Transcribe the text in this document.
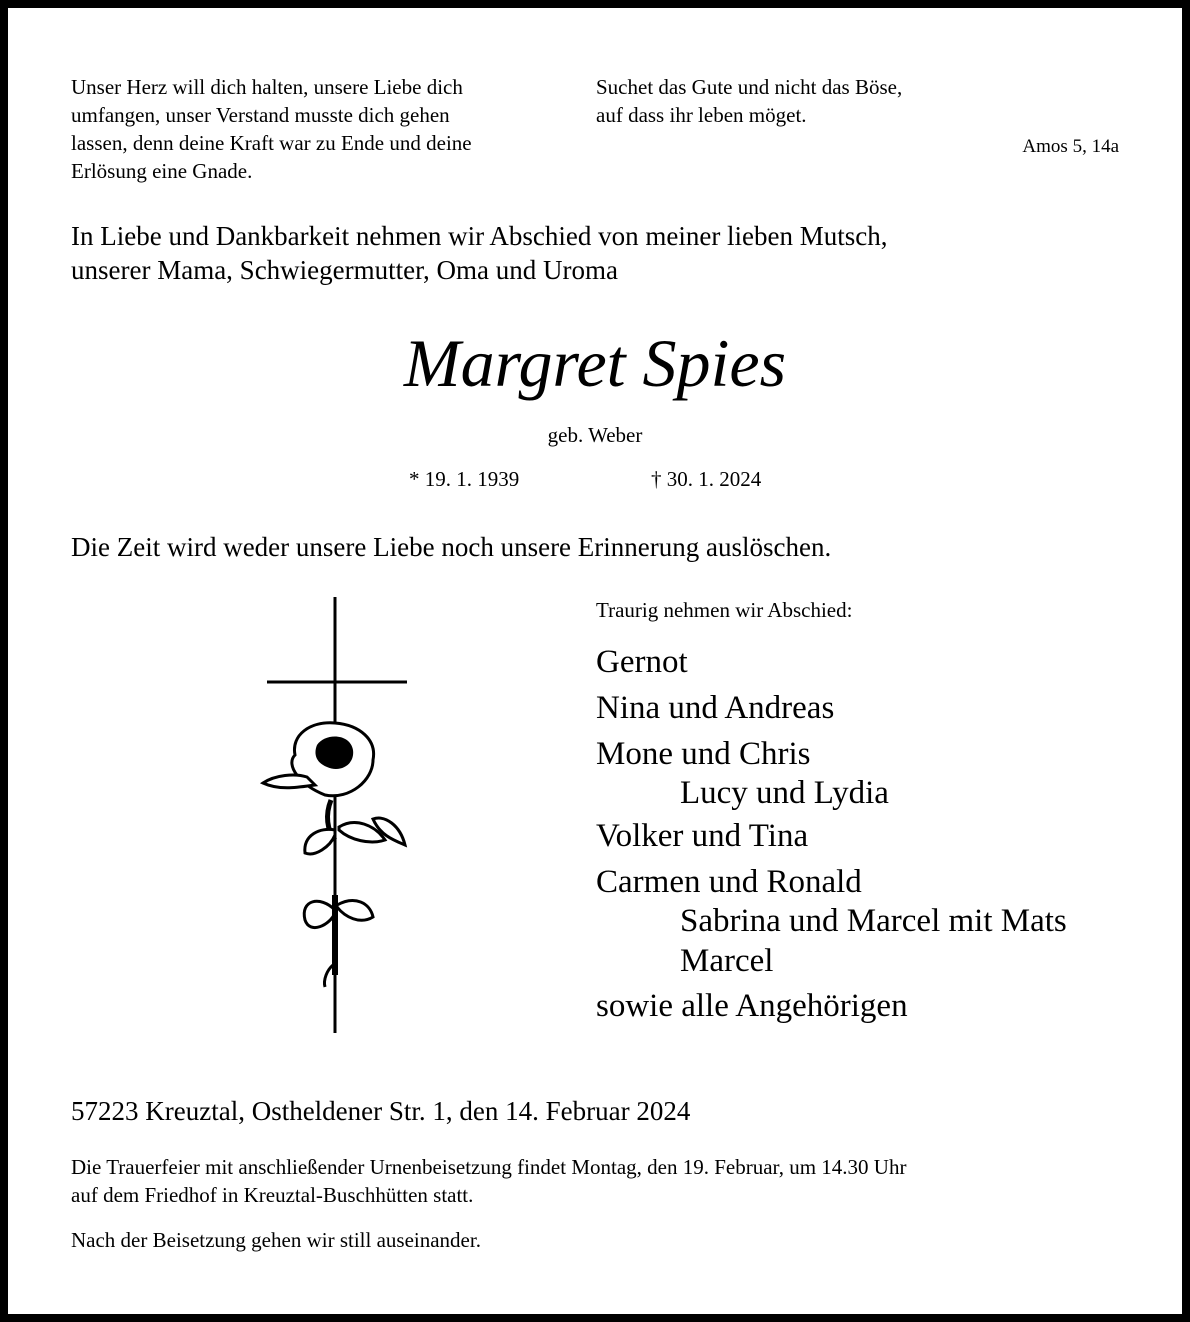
Unser Herz will dich halten, unsere Liebe dich
umfangen, unser Verstand musste dich gehen
lassen, denn deine Kraft war zu Ende und deine
Erlösung eine Gnade.
Suchet das Gute und nicht das Böse,
auf dass ihr leben möget.
Amos 5, 14a
In Liebe und Dankbarkeit nehmen wir Abschied von meiner lieben Mutsch,
unserer Mama, Schwiegermutter, Oma und Uroma
Margret Spies
geb. Weber
* 19. 1. 1939	† 30. 1. 2024
Die Zeit wird weder unsere Liebe noch unsere Erinnerung auslöschen.
Traurig nehmen wir Abschied:
Gernot
Nina und Andreas
Mone und Chris
Lucy und Lydia
Volker und Tina
Carmen und Ronald
Sabrina und Marcel mit Mats
Marcel
sowie alle Angehörigen
57223 Kreuztal, Ostheldener Str. 1, den 14. Februar 2024
Die Trauerfeier mit anschließender Urnenbeisetzung findet Montag, den 19. Februar, um 14.30 Uhr
auf dem Friedhof in Kreuztal-Buschhütten statt.
Nach der Beisetzung gehen wir still auseinander.
